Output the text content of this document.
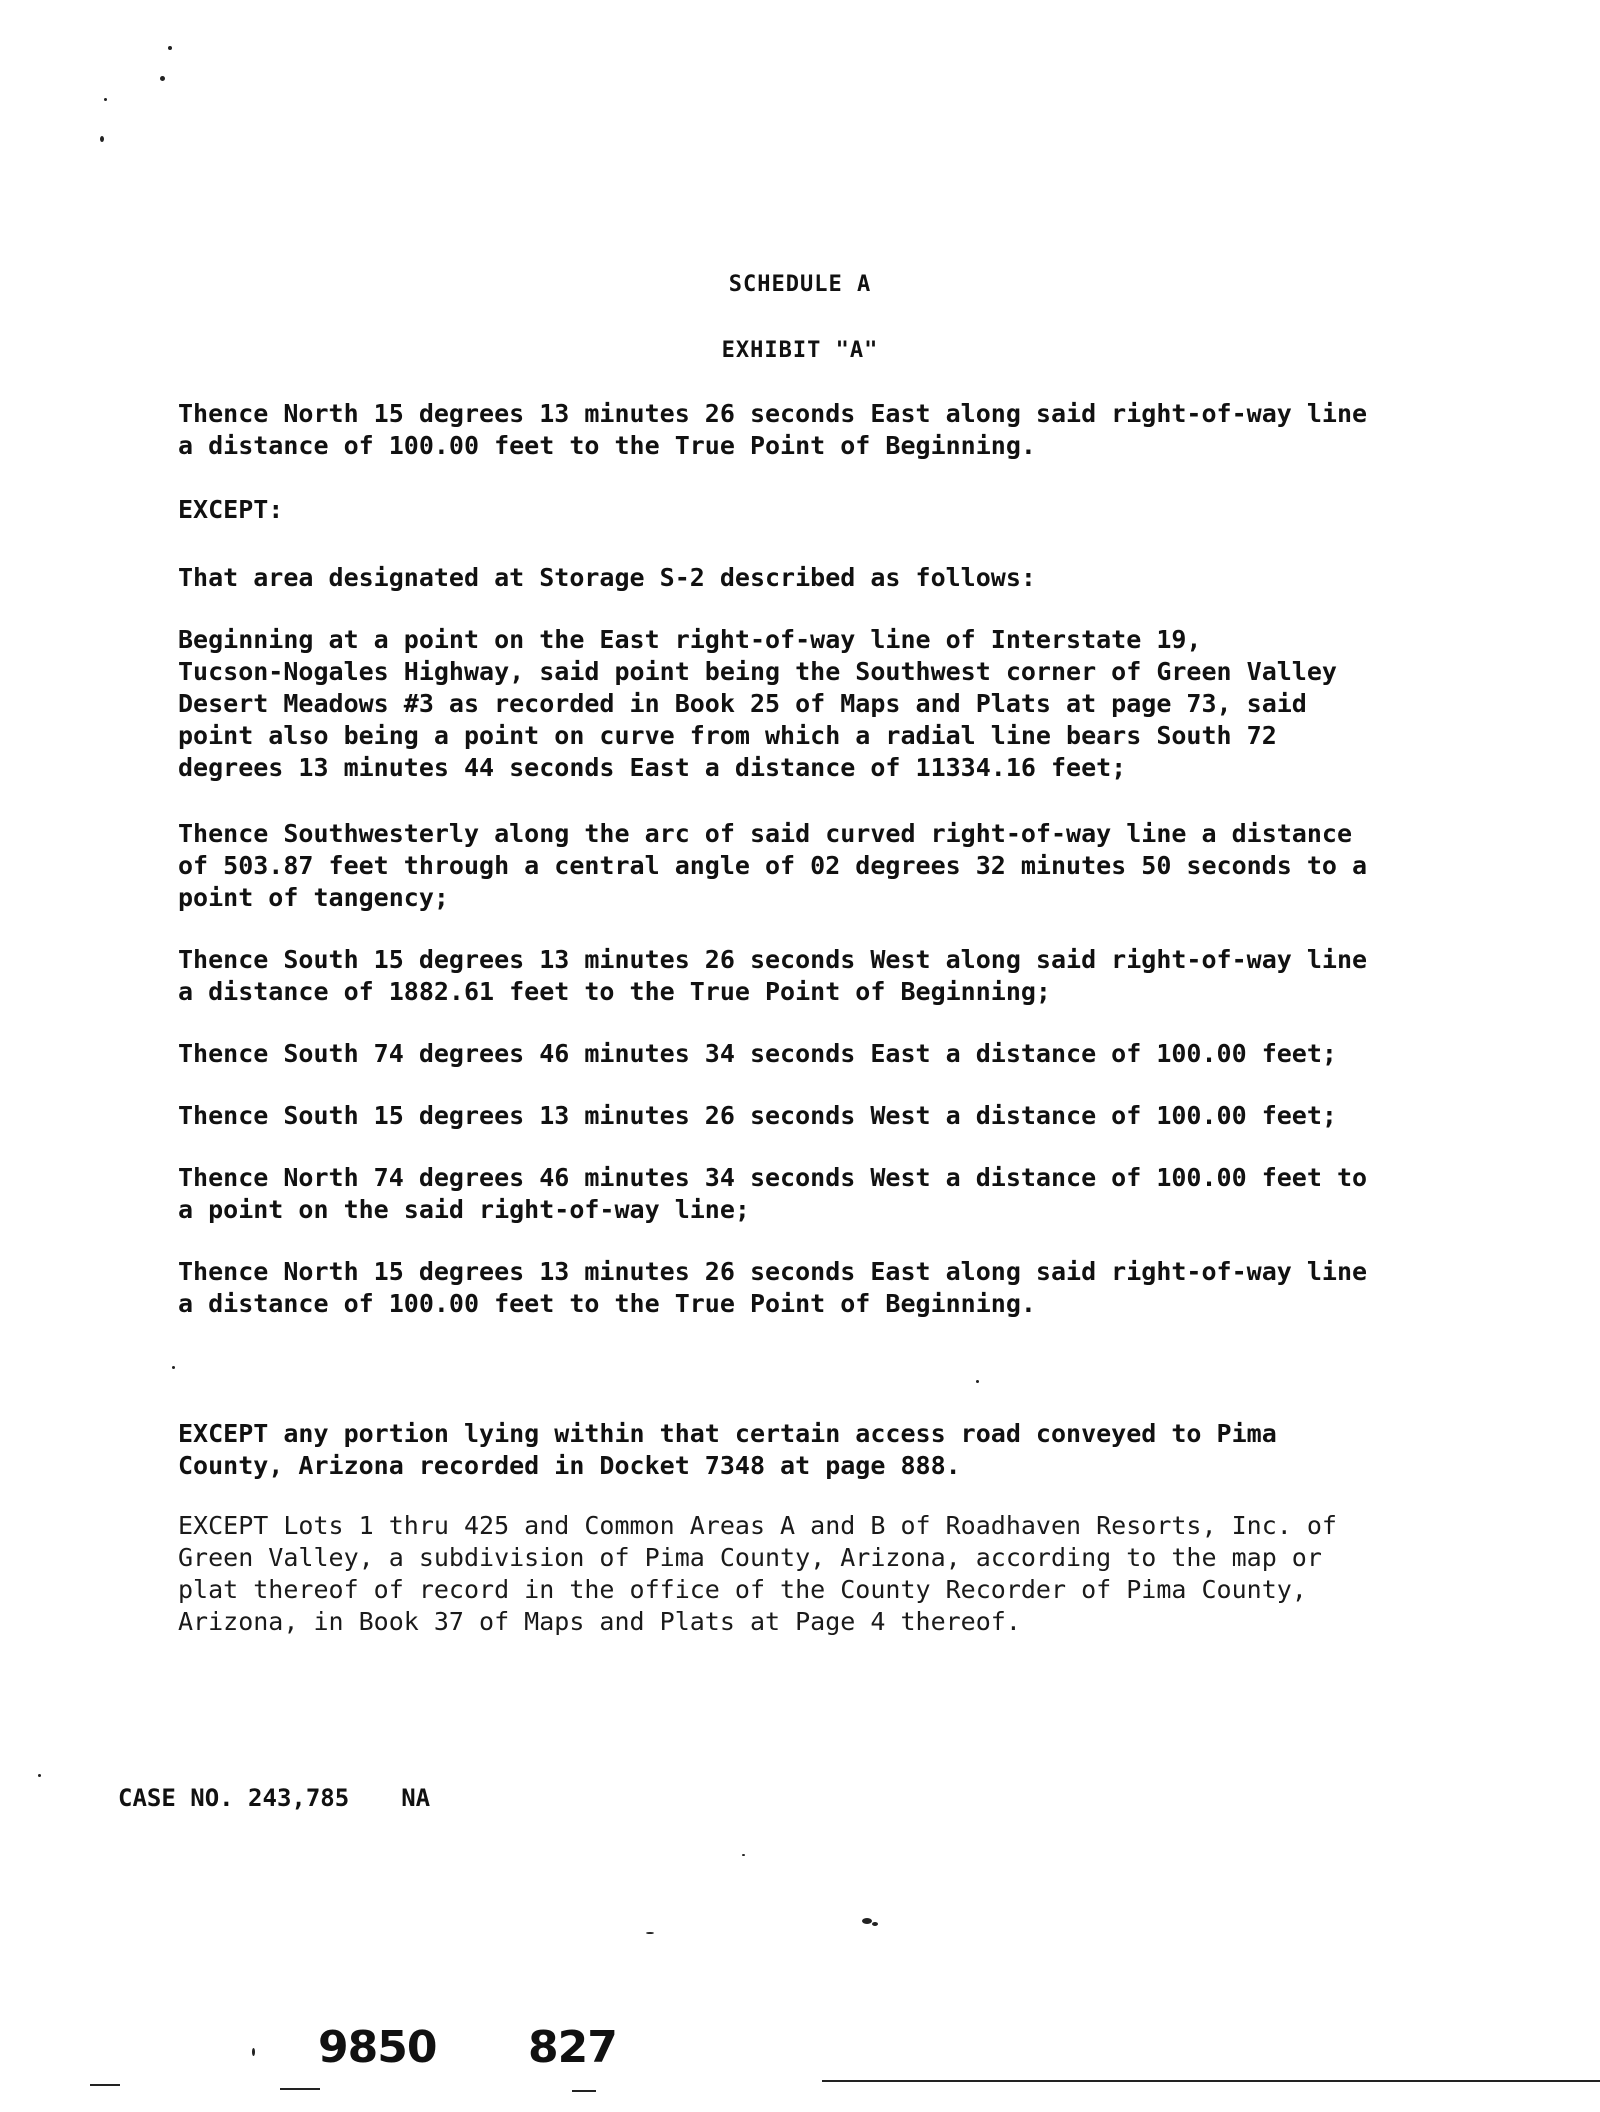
SCHEDULE A
EXHIBIT "A"
Thence North 15 degrees 13 minutes 26 seconds East along said right-of-way line
a distance of 100.00 feet to the True Point of Beginning.
EXCEPT:
That area designated at Storage S-2 described as follows:
Beginning at a point on the East right-of-way line of Interstate 19,
Tucson-Nogales Highway, said point being the Southwest corner of Green Valley
Desert Meadows #3 as recorded in Book 25 of Maps and Plats at page 73, said
point also being a point on curve from which a radial line bears South 72
degrees 13 minutes 44 seconds East a distance of 11334.16 feet;
Thence Southwesterly along the arc of said curved right-of-way line a distance
of 503.87 feet through a central angle of 02 degrees 32 minutes 50 seconds to a
point of tangency;
Thence South 15 degrees 13 minutes 26 seconds West along said right-of-way line
a distance of 1882.61 feet to the True Point of Beginning;
Thence South 74 degrees 46 minutes 34 seconds East a distance of 100.00 feet;
Thence South 15 degrees 13 minutes 26 seconds West a distance of 100.00 feet;
Thence North 74 degrees 46 minutes 34 seconds West a distance of 100.00 feet to
a point on the said right-of-way line;
Thence North 15 degrees 13 minutes 26 seconds East along said right-of-way line
a distance of 100.00 feet to the True Point of Beginning.
EXCEPT any portion lying within that certain access road conveyed to Pima
County, Arizona recorded in Docket 7348 at page 888.
EXCEPT Lots 1 thru 425 and Common Areas A and B of Roadhaven Resorts, Inc. of
Green Valley, a subdivision of Pima County, Arizona, according to the map or
plat thereof of record in the office of the County Recorder of Pima County,
Arizona, in Book 37 of Maps and Plats at Page 4 thereof.
CASE NO. 243,785 NA
9850 827
